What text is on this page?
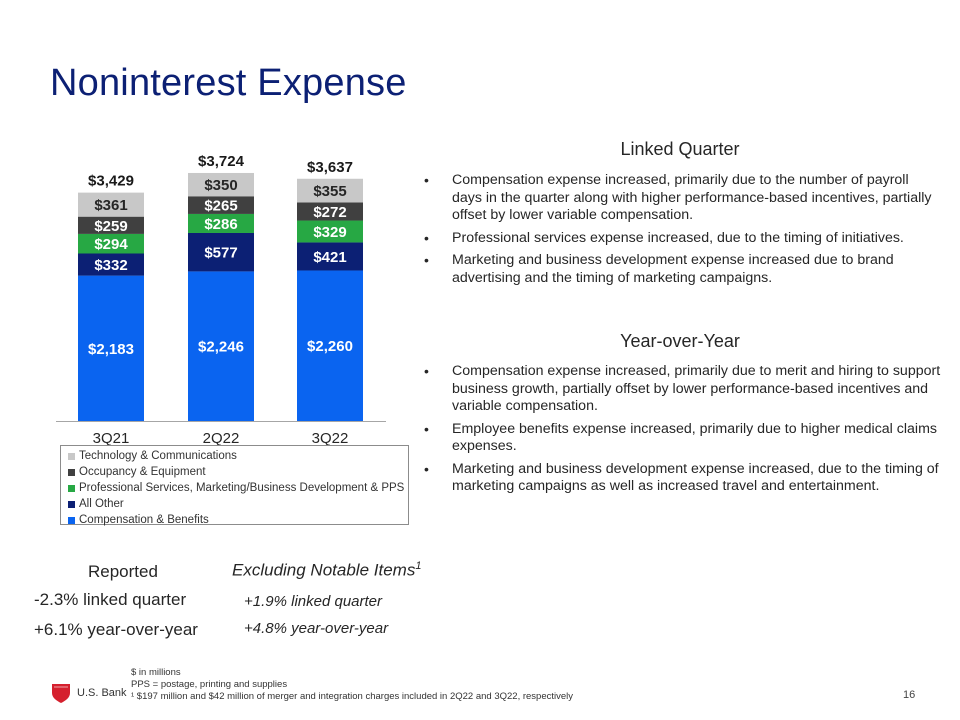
Noninterest Expense
$2,183
$332
$294
$259
$361
$3,429
3Q21
$2,246
$577
$286
$265
$350
$3,724
2Q22
$2,260
$421
$329
$272
$355
$3,637
3Q22
Technology & Communications
Occupancy & Equipment
Professional Services, Marketing/Business Development & PPS
All Other
Compensation & Benefits
Linked Quarter
• Compensation expense increased, primarily due to the number of payroll days in the quarter along with higher performance-based incentives, partially offset by lower variable compensation.
• Professional services expense increased, due to the timing of initiatives.
• Marketing and business development expense increased due to brand advertising and the timing of marketing campaigns.
Year-over-Year
• Compensation expense increased, primarily due to merit and hiring to support business growth, partially offset by lower performance-based incentives and variable compensation.
• Employee benefits expense increased, primarily due to higher medical claims expenses.
• Marketing and business development expense increased, due to the timing of marketing campaigns as well as increased travel and entertainment.
Reported
-2.3% linked quarter
+6.1% year-over-year
Excluding Notable Items$^1$
+1.9% linked quarter
+4.8% year-over-year
$ in millions
PPS = postage, printing and supplies
¹ $197 million and $42 million of merger and integration charges included in 2Q22 and 3Q22, respectively
U.S. Bank	16
